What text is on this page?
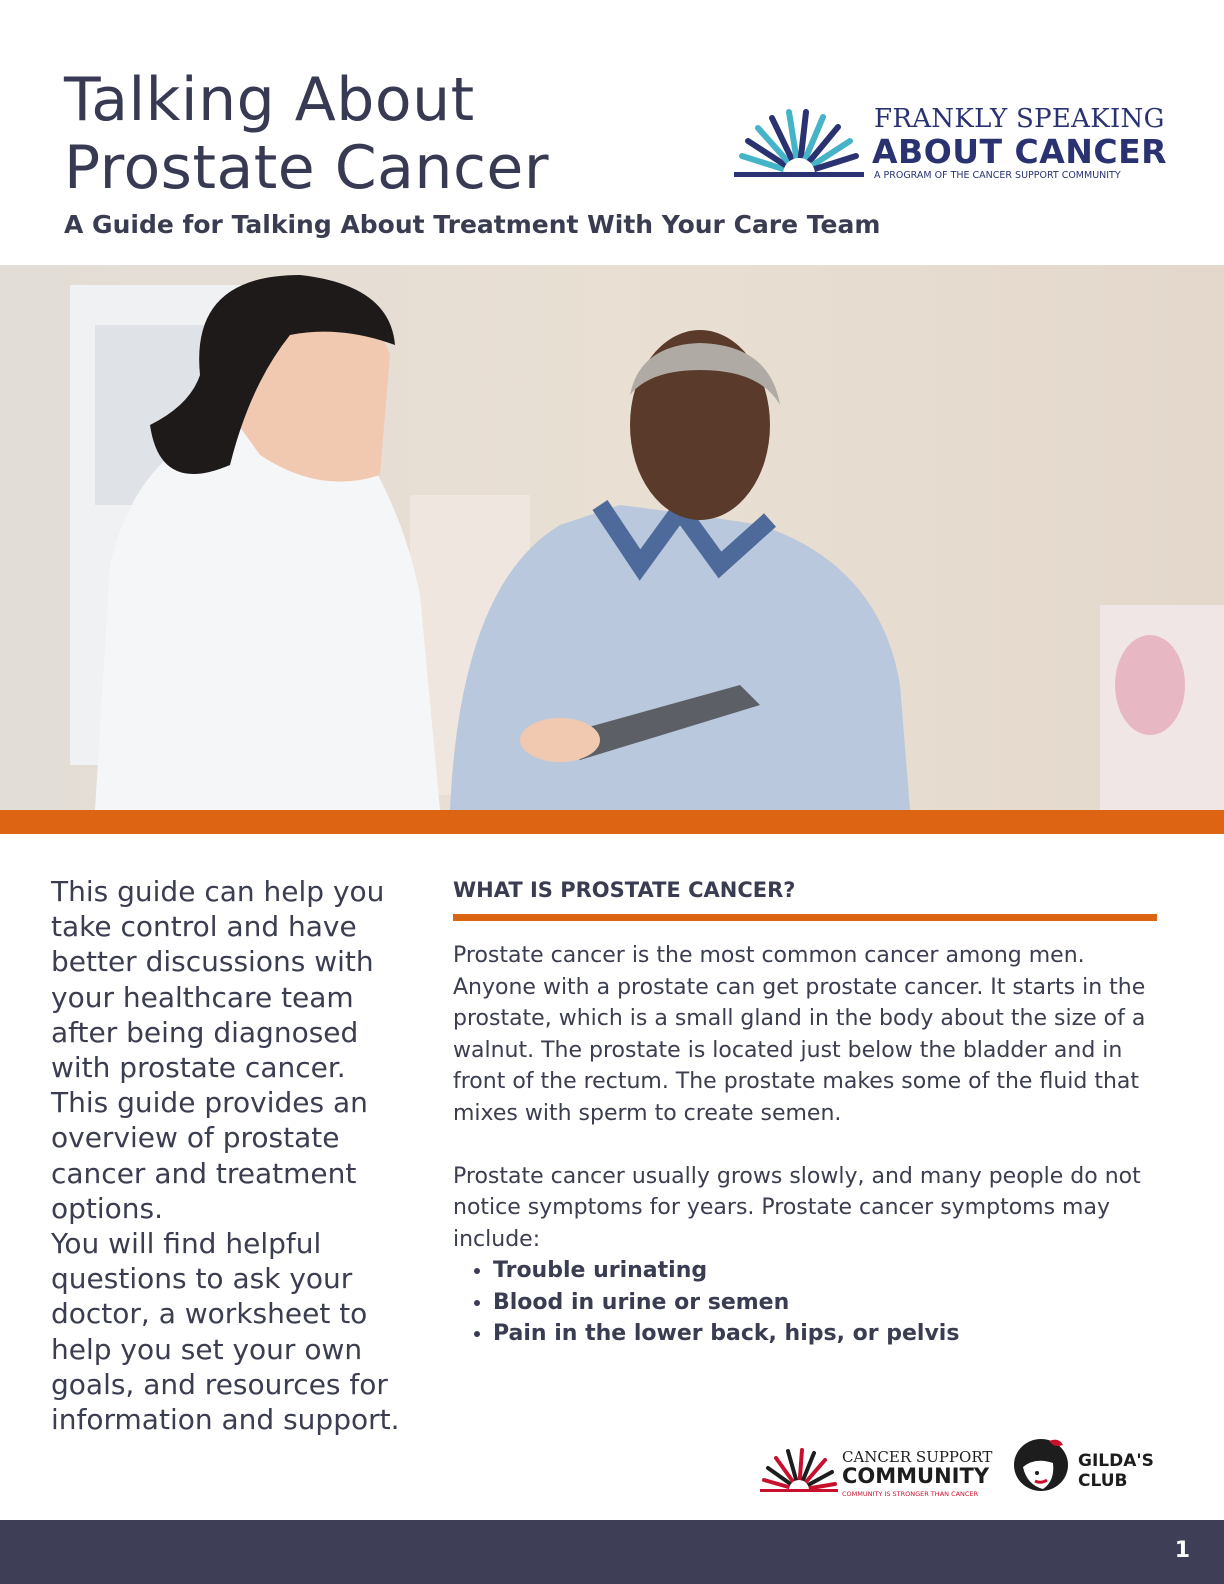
Talking About
Prostate Cancer
A Guide for Talking About Treatment With Your Care Team
FRANKLY SPEAKING
ABOUT CANCER
A PROGRAM OF THE CANCER SUPPORT COMMUNITY

This guide can help you take control and have better discussions with your healthcare team after being diagnosed with prostate cancer. This guide provides an overview of prostate cancer and treatment options.

You will find helpful questions to ask your doctor, a worksheet to help you set your own goals, and resources for information and support.

WHAT IS PROSTATE CANCER?

Prostate cancer is the most common cancer among men. Anyone with a prostate can get prostate cancer. It starts in the prostate, which is a small gland in the body about the size of a walnut. The prostate is located just below the bladder and in front of the rectum. The prostate makes some of the fluid that mixes with sperm to create semen.

Prostate cancer usually grows slowly, and many people do not notice symptoms for years. Prostate cancer symptoms may include:

• Trouble urinating
• Blood in urine or semen
• Pain in the lower back, hips, or pelvis
CANCER SUPPORT
COMMUNITY
COMMUNITY IS STRONGER THAN CANCER
GILDA'S
CLUB
1
